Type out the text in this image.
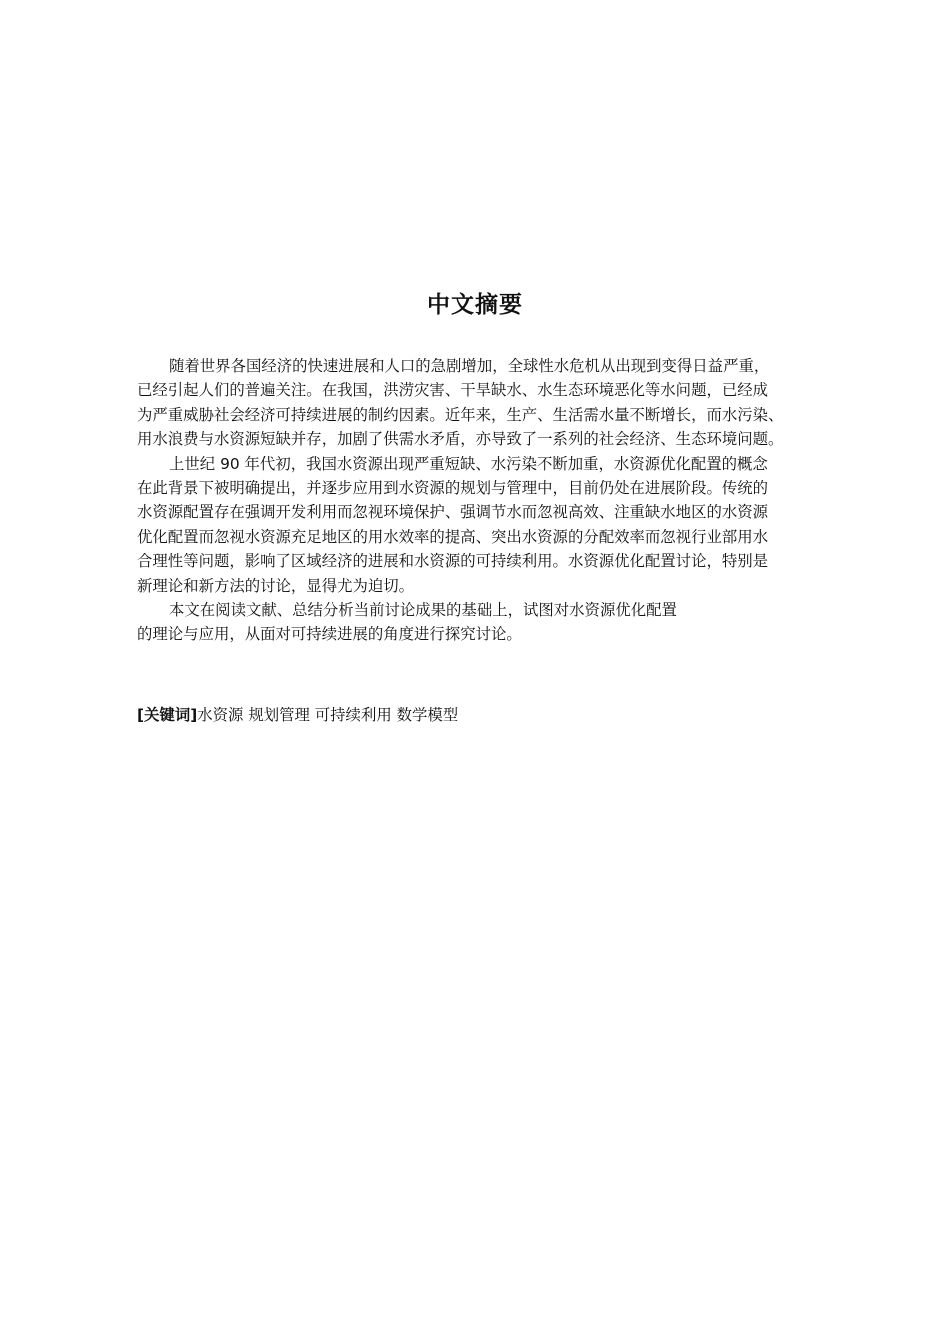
中文摘要
随着世界各国经济的快速进展和人口的急剧增加，全球性水危机从出现到变得日益严重，
已经引起人们的普遍关注。在我国，洪涝灾害、干旱缺水、水生态环境恶化等水问题，已经成
为严重威胁社会经济可持续进展的制约因素。近年来，生产、生活需水量不断增长，而水污染、
用水浪费与水资源短缺并存，加剧了供需水矛盾，亦导致了一系列的社会经济、生态环境问题。
上世纪 90 年代初，我国水资源出现严重短缺、水污染不断加重，水资源优化配置的概念
在此背景下被明确提出，并逐步应用到水资源的规划与管理中，目前仍处在进展阶段。传统的
水资源配置存在强调开发利用而忽视环境保护、强调节水而忽视高效、注重缺水地区的水资源
优化配置而忽视水资源充足地区的用水效率的提高、突出水资源的分配效率而忽视行业部用水
合理性等问题，影响了区域经济的进展和水资源的可持续利用。水资源优化配置讨论，特别是
新理论和新方法的讨论，显得尤为迫切。
本文在阅读文献、总结分析当前讨论成果的基础上，试图对水资源优化配置
的理论与应用，从面对可持续进展的角度进行探究讨论。
[关键词]水资源 规划管理 可持续利用 数学模型
